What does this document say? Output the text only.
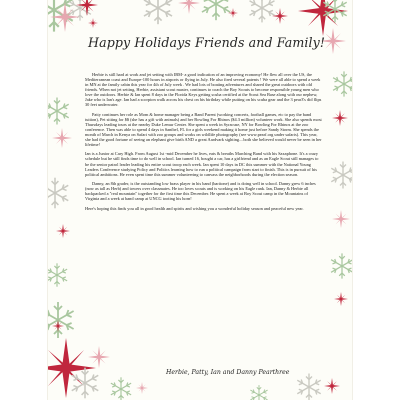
Happy Holidays Friends and Family!

Herbie is still hard at work and jet setting with IBM- a good indication of an improving economy! He flew all over the US, the Mediterranean coast and Europe-100 hours in airports or flying in July. He also fired several patents ! We were all able to spend a week in MN at the family cabin this year for 4th of July week . We had lots of boating adventures and shared the great outdoors with old friends. When not jet setting, Herbie, assistant scout master, continues to coach the Boy Scouts to become responsible young men who love the outdoors. Herbie & Ian spent 8 days in the Florida Keys getting scuba certified at the Scout Sea Base along with our nephew, Jake who is Ian's age. Ian had a scorpion walk across his chest on his birthday while putting on his scuba gear and the 3 pear3's did flips 30 feet underwater.

Patty continues her role as Mom & home manager being a Band Parent (working concerts, football games, etc to pay the band tuition), Pet sitting for $$ (she has a gift with animals) and her Bowling For Rhinos ($4.3 million) volunteer work. She also spends most Thursdays leading tours at the nearby Duke Lemur Center. She spent a week in Syracuse, NY for Bowling For Rhinos at the zoo conference. Then was able to spend 4 days in Sanibel, FL for a girls weekend making it home just before Sandy Storm. She spends the month of March in Kenya on Safari with zoo groups and works on wildlife photography (see www.pearf.org under safaris). This year, she had the good fortune of seeing an elephant give birth AND a great Aardvark sighting....both she believed would never be seen in her lifetime!

Ian is a Junior at Cary High. From August 1st -mid December he lives, eats & breaths Marching Band with his Saxaphone. It's a crazy schedule but he still finds time to do well in school. Ian turned 16, bought a car, has a girlfriend and as an Eagle Scout still manages to be the senior patrol leader leading his entire scout troop each week. Ian spent 10 days in DC this summer with the National Young Leaders Conference studying Policy and Politics learning how to run a political campaign from start to finish. This is in pursuit of his political ambitions. He even spent time this summer volunteering to canvass the neighborhoods during the election season.

Danny, an 8th grader, is the outstanding low brass player in his band (baritone) and is doing well in school. Danny grew 6 inches (now as tall as Herb) and towers over classmates. He too loves scouts and is working on his Eagle rank. Ian, Danny & Herbie all backpacked a "real mountain" together for the first time this December. He spent a week at Boy Scout camp in the Mountains of Virginia and a week at band camp at UNCG tooting his horn!

Here's hoping this finds you all in good health and spirits and wishing you a wonderful holiday season and peaceful new year.

Herbie, Patty, Ian and Danny Pearthree
